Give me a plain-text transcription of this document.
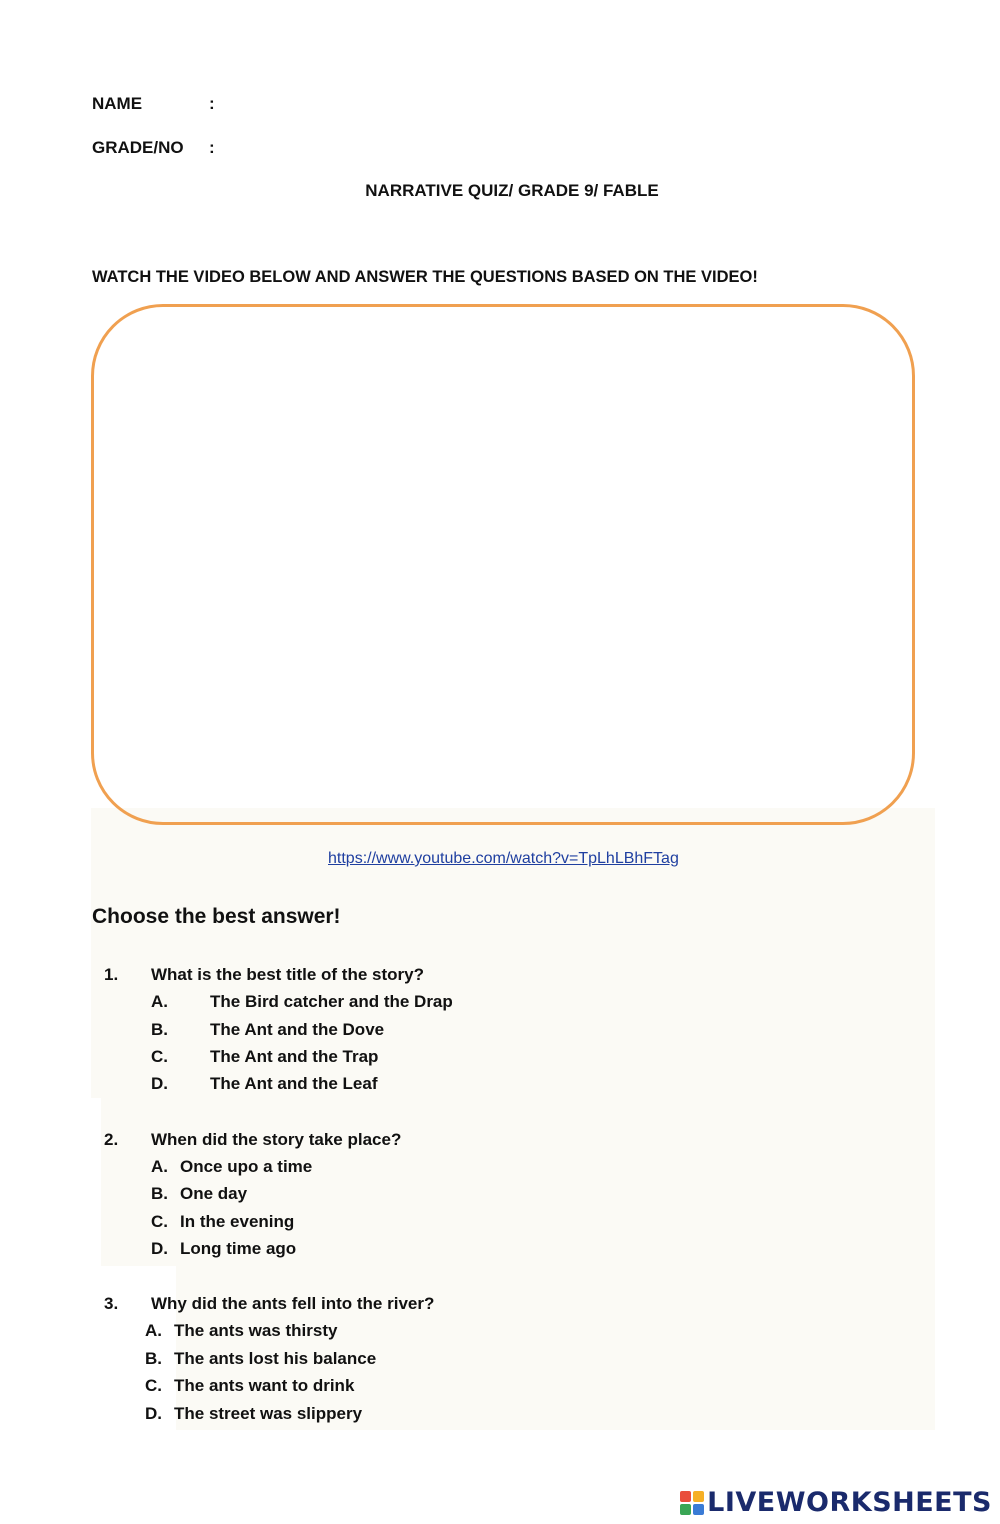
NAME	:
GRADE/NO :
NARRATIVE QUIZ/ GRADE 9/ FABLE
WATCH THE VIDEO BELOW AND ANSWER THE QUESTIONS BASED ON THE VIDEO!
https://www.youtube.com/watch?v=TpLhLBhFTag
Choose the best answer!
1. What is the best title of the story?
A. The Bird catcher and the Drap
B. The Ant and the Dove
C. The Ant and the Trap
D. The Ant and the Leaf
2. When did the story take place?
A. Once upo a time
B. One day
C. In the evening
D. Long time ago
3. Why did the ants fell into the river?
A. The ants was thirsty
B. The ants lost his balance
C. The ants want to drink
D. The street was slippery
LIVEWORKSHEETS
